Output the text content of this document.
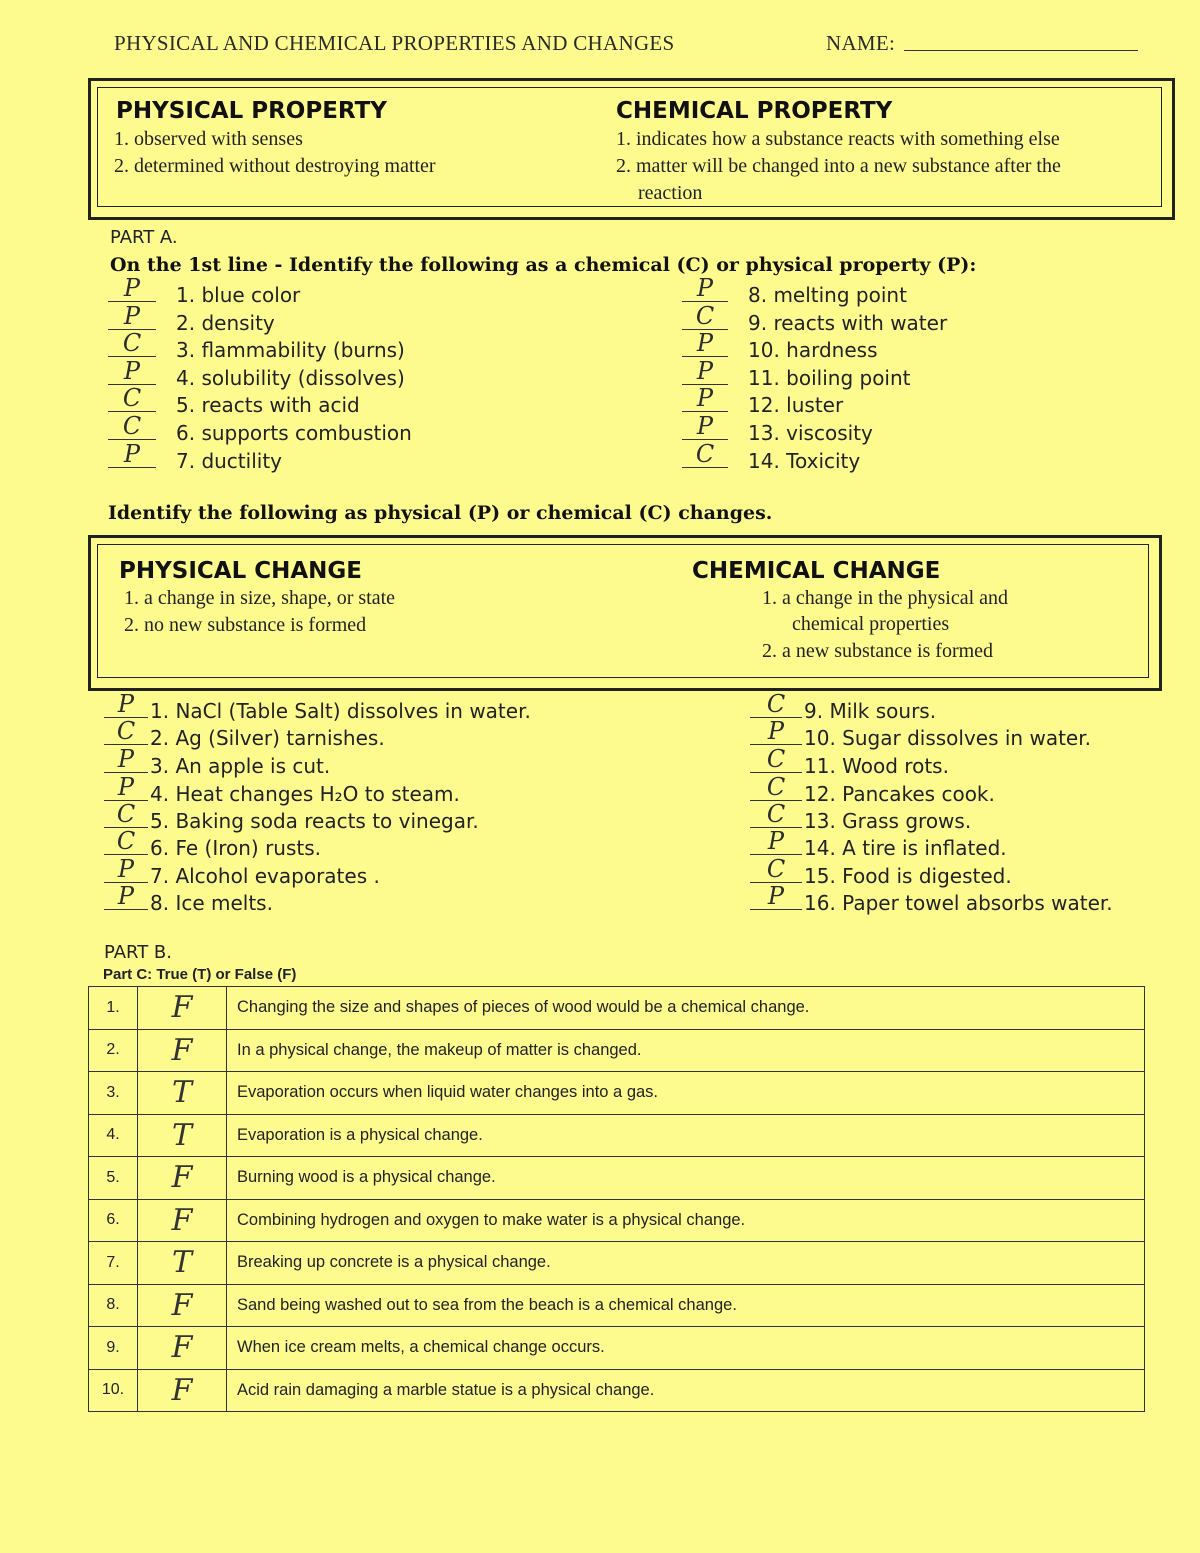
PHYSICAL AND CHEMICAL PROPERTIES AND CHANGES	NAME:
PHYSICAL PROPERTY
1. observed with senses
2. determined without destroying matter
CHEMICAL PROPERTY
1. indicates how a substance reacts with something else
2. matter will be changed into a new substance after the
reaction
PART A.
On the 1st line - Identify the following as a chemical (C) or physical property (P):
P	1. blue color
P	2. density
C	3. flammability (burns)
P	4. solubility (dissolves)
C	5. reacts with acid
C	6. supports combustion
P	7. ductility
P	8. melting point
C	9. reacts with water
P	10. hardness
P	11. boiling point
P	12. luster
P	13. viscosity
C	14. Toxicity
Identify the following as physical (P) or chemical (C) changes.
PHYSICAL CHANGE
1. a change in size, shape, or state
2. no new substance is formed
CHEMICAL CHANGE
1. a change in the physical and
chemical properties
2. a new substance is formed
P 1. NaCl (Table Salt) dissolves in water.
C 2. Ag (Silver) tarnishes.
P 3. An apple is cut.
P 4. Heat changes H₂O to steam.
C 5. Baking soda reacts to vinegar.
C 6. Fe (Iron) rusts.
P 7. Alcohol evaporates .
P 8. Ice melts.
C 9. Milk sours.
P 10. Sugar dissolves in water.
C 11. Wood rots.
C 12. Pancakes cook.
C 13. Grass grows.
P 14. A tire is inflated.
C 15. Food is digested.
P 16. Paper towel absorbs water.
PART B.
Part C: True (T) or False (F)
1.	F	Changing the size and shapes of pieces of wood would be a chemical change.
2.	F	In a physical change, the makeup of matter is changed.
3.	T	Evaporation occurs when liquid water changes into a gas.
4.	T	Evaporation is a physical change.
5.	F	Burning wood is a physical change.
6.	F	Combining hydrogen and oxygen to make water is a physical change.
7.	T	Breaking up concrete is a physical change.
8.	F	Sand being washed out to sea from the beach is a chemical change.
9.	F	When ice cream melts, a chemical change occurs.
10.	F	Acid rain damaging a marble statue is a physical change.
